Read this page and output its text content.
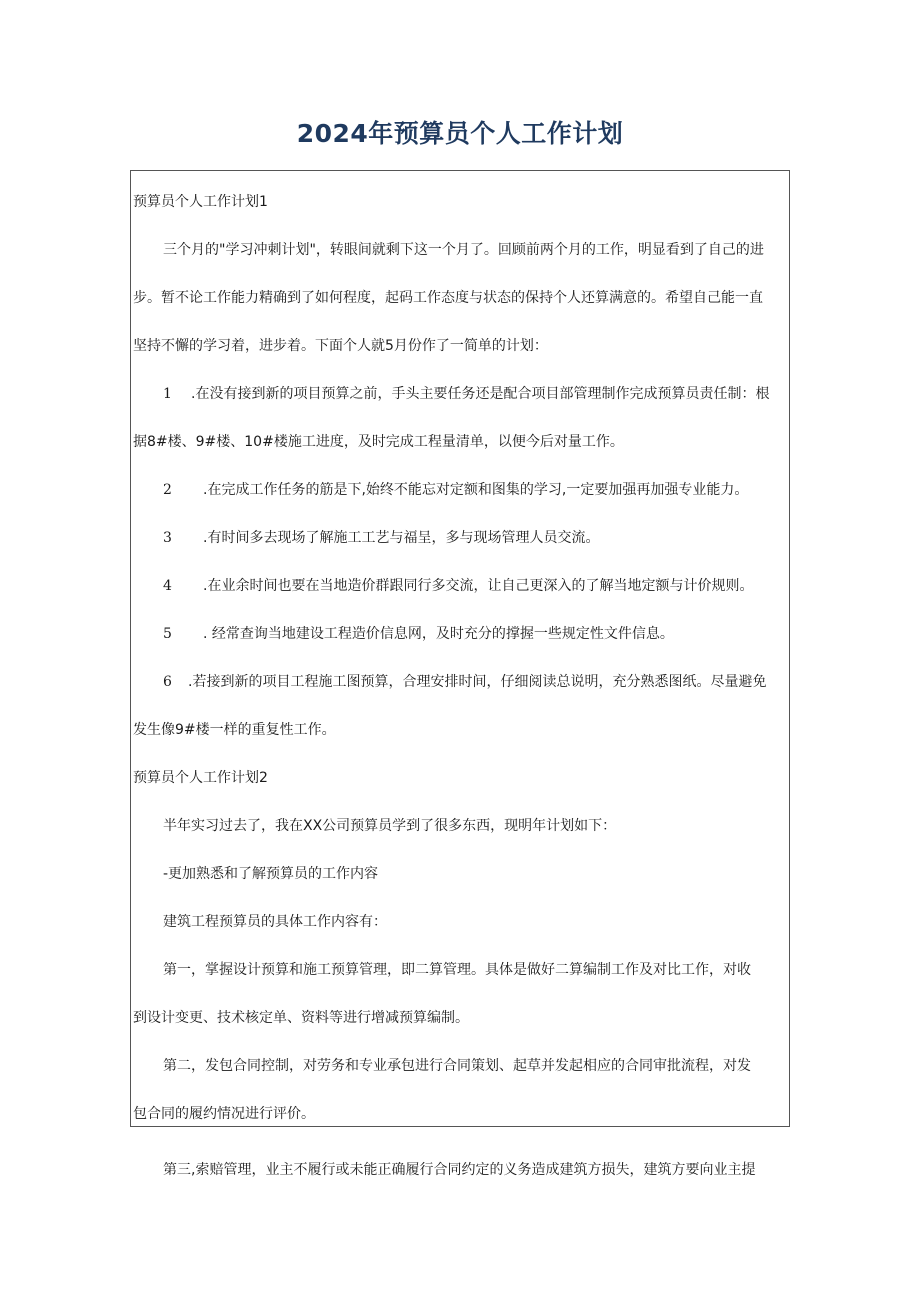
2024年预算员个人工作计划
预算员个人工作计划1
三个月的"学习冲刺计划"，转眼间就剩下这一个月了。回顾前两个月的工作，明显看到了自己的进
步。暂不论工作能力精确到了如何程度，起码工作态度与状态的保持个人还算满意的。希望自己能一直
坚持不懈的学习着，进步着。下面个人就5月份作了一简单的计划：
1 .在没有接到新的项目预算之前，手头主要任务还是配合项目部管理制作完成预算员责任制：根
据8#楼、9#楼、10#楼施工进度，及时完成工程量清单，以便今后对量工作。
2 .在完成工作任务的筋是下,始终不能忘对定额和图集的学习,一定要加强再加强专业能力。
3 .有时间多去现场了解施工工艺与福呈，多与现场管理人员交流。
4 .在业余时间也要在当地造价群跟同行多交流，让自己更深入的了解当地定额与计价规则。
5 . 经常查询当地建设工程造价信息网，及时充分的撑握一些规定性文件信息。
6 .若接到新的项目工程施工图预算，合理安排时间，仔细阅读总说明，充分熟悉图纸。尽量避免
发生像9#楼一样的重复性工作。
预算员个人工作计划2
半年实习过去了，我在XX公司预算员学到了很多东西，现明年计划如下：
-更加熟悉和了解预算员的工作内容
建筑工程预算员的具体工作内容有：
第一，掌握设计预算和施工预算管理，即二算管理。具体是做好二算编制工作及对比工作，对收
到设计变更、技术核定单、资料等进行增减预算编制。
第二，发包合同控制，对劳务和专业承包进行合同策划、起草并发起相应的合同审批流程，对发
包合同的履约情况进行评价。
第三,索赔管理，业主不履行或未能正确履行合同约定的义务造成建筑方损失，建筑方要向业主提
